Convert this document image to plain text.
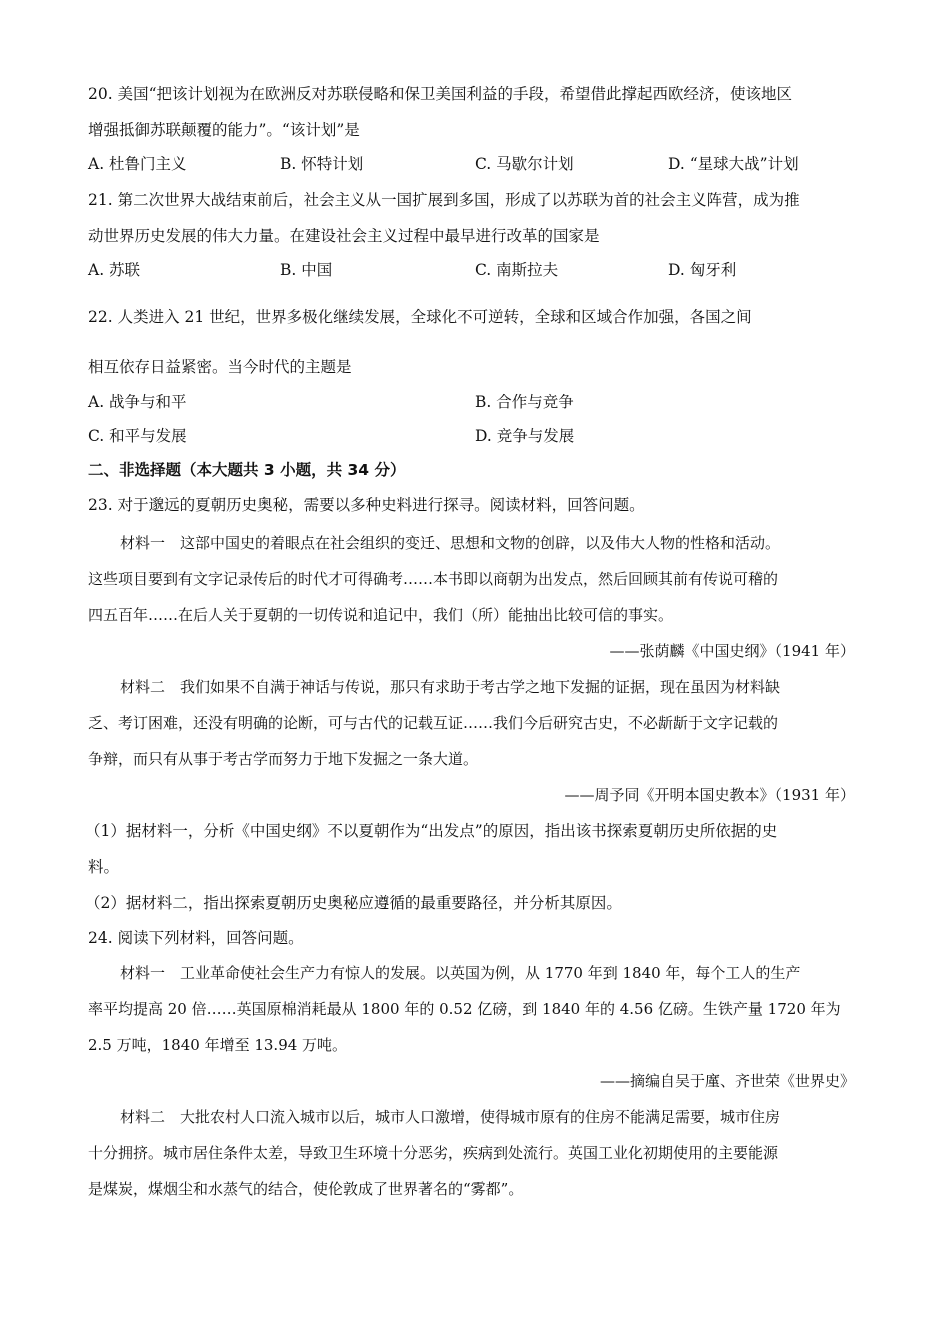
20. 美国“把该计划视为在欧洲反对苏联侵略和保卫美国利益的手段，希望借此撑起西欧经济，使该地区
增强抵御苏联颠覆的能力”。“该计划”是
A. 杜鲁门主义	B. 怀特计划	C. 马歇尔计划	D. “星球大战”计划
21. 第二次世界大战结束前后，社会主义从一国扩展到多国，形成了以苏联为首的社会主义阵营，成为推
动世界历史发展的伟大力量。在建设社会主义过程中最早进行改革的国家是
A. 苏联	B. 中国	C. 南斯拉夫	D. 匈牙利
22. 人类进入 21 世纪，世界多极化继续发展，全球化不可逆转，全球和区域合作加强，各国之间
相互依存日益紧密。当今时代的主题是
A. 战争与和平	B. 合作与竞争
C. 和平与发展	D. 竞争与发展
二、非选择题（本大题共 3 小题，共 34 分）
23. 对于邈远的夏朝历史奥秘，需要以多种史料进行探寻。阅读材料，回答问题。
材料一　这部中国史的着眼点在社会组织的变迁、思想和文物的创辟，以及伟大人物的性格和活动。
这些项目要到有文字记录传后的时代才可得确考……本书即以商朝为出发点，然后回顾其前有传说可稽的
四五百年……在后人关于夏朝的一切传说和追记中，我们（所）能抽出比较可信的事实。
——张荫麟《中国史纲》（1941 年）
材料二　我们如果不自满于神话与传说，那只有求助于考古学之地下发掘的证据，现在虽因为材料缺
乏、考订困难，还没有明确的论断，可与古代的记载互证……我们今后研究古史，不必龂龂于文字记载的
争辩，而只有从事于考古学而努力于地下发掘之一条大道。
——周予同《开明本国史教本》（1931 年）
（1）据材料一，分析《中国史纲》不以夏朝作为“出发点”的原因，指出该书探索夏朝历史所依据的史
料。
（2）据材料二，指出探索夏朝历史奥秘应遵循的最重要路径，并分析其原因。
24. 阅读下列材料，回答问题。
材料一　工业革命使社会生产力有惊人的发展。以英国为例，从 1770 年到 1840 年，每个工人的生产
率平均提高 20 倍……英国原棉消耗最从 1800 年的 0.52 亿磅，到 1840 年的 4.56 亿磅。生铁产量 1720 年为
2.5 万吨，1840 年增至 13.94 万吨。
——摘编自吴于廑、齐世荣《世界史》
材料二　大批农村人口流入城市以后，城市人口激增，使得城市原有的住房不能满足需要，城市住房
十分拥挤。城市居住条件太差，导致卫生环境十分恶劣，疾病到处流行。英国工业化初期使用的主要能源
是煤炭，煤烟尘和水蒸气的结合，使伦敦成了世界著名的“雾都”。
